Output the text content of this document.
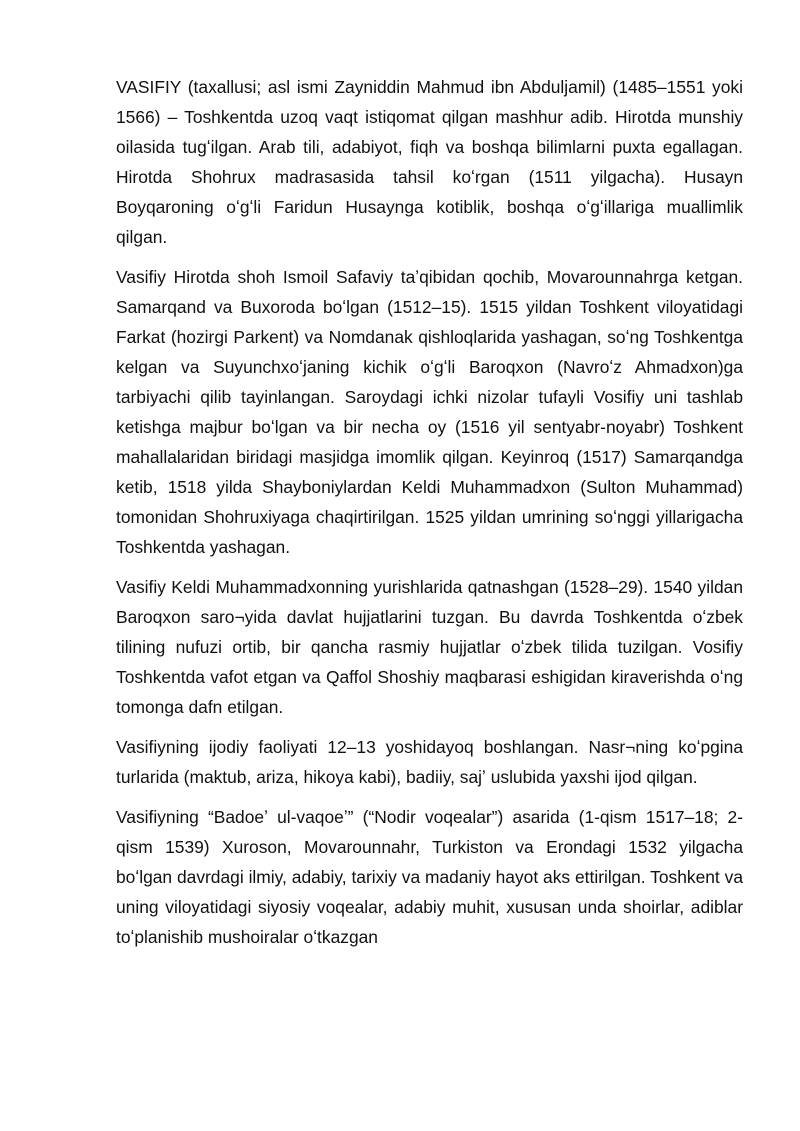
VASIFIY (taxallusi; asl ismi Zayniddin Mahmud ibn Abduljamil) (1485–1551 yoki 1566) – Toshkentda uzoq vaqt istiqomat qilgan mashhur adib. Hirotda munshiy oilasida tugʻilgan. Arab tili, adabiyot, fiqh va boshqa bilimlarni puxta egallagan. Hirotda Shohrux madrasasida tahsil koʻrgan (1511 yilgacha). Husayn Boyqaroning oʻgʻli Faridun Husaynga kotiblik, boshqa oʻgʻillariga muallimlik qilgan.

Vasifiy Hirotda shoh Ismoil Safaviy taʼqibidan qochib, Movarounnahrga ketgan. Samarqand va Buxoroda boʻlgan (1512–15). 1515 yildan Toshkent viloyatidagi Farkat (hozirgi Parkent) va Nomdanak qishloqlarida yashagan, soʻng Toshkentga kelgan va Suyunchxoʻjaning kichik oʻgʻli Baroqxon (Navroʻz Ahmadxon)ga tarbiyachi qilib tayinlangan. Saroydagi ichki nizolar tufayli Vosifiy uni tashlab ketishga majbur boʻlgan va bir necha oy (1516 yil sentyabr-noyabr) Toshkent mahallalaridan biridagi masjidga imomlik qilgan. Keyinroq (1517) Samarqandga ketib, 1518 yilda Shayboniylardan Keldi Muhammadxon (Sulton Muhammad) tomonidan Shohruxiyaga chaqirtirilgan. 1525 yildan umrining soʻnggi yillarigacha Toshkentda yashagan.

Vasifiy Keldi Muhammadxonning yurishlarida qatnashgan (1528–29). 1540 yildan Baroqxon saro¬yida davlat hujjatlarini tuzgan. Bu davrda Toshkentda oʻzbek tilining nufuzi ortib, bir qancha rasmiy hujjatlar oʻzbek tilida tuzilgan. Vosifiy Toshkentda vafot etgan va Qaffol Shoshiy maqbarasi eshigidan kiraverishda oʻng tomonga dafn etilgan.

Vasifiyning ijodiy faoliyati 12–13 yoshidayoq boshlangan. Nasr¬ning koʻpgina turlarida (maktub, ariza, hikoya kabi), badiiy, sajʼ uslubida yaxshi ijod qilgan.

Vasifiyning “Badoeʼ ul-vaqoeʼ” (“Nodir voqealar”) asarida (1-qism 1517–18; 2-qism 1539) Xuroson, Movarounnahr, Turkiston va Erondagi 1532 yilgacha boʻlgan davrdagi ilmiy, adabiy, tarixiy va madaniy hayot aks ettirilgan. Toshkent va uning viloyatidagi siyosiy voqealar, adabiy muhit, xususan unda shoirlar, adiblar toʻplanishib mushoiralar oʻtkazgan
